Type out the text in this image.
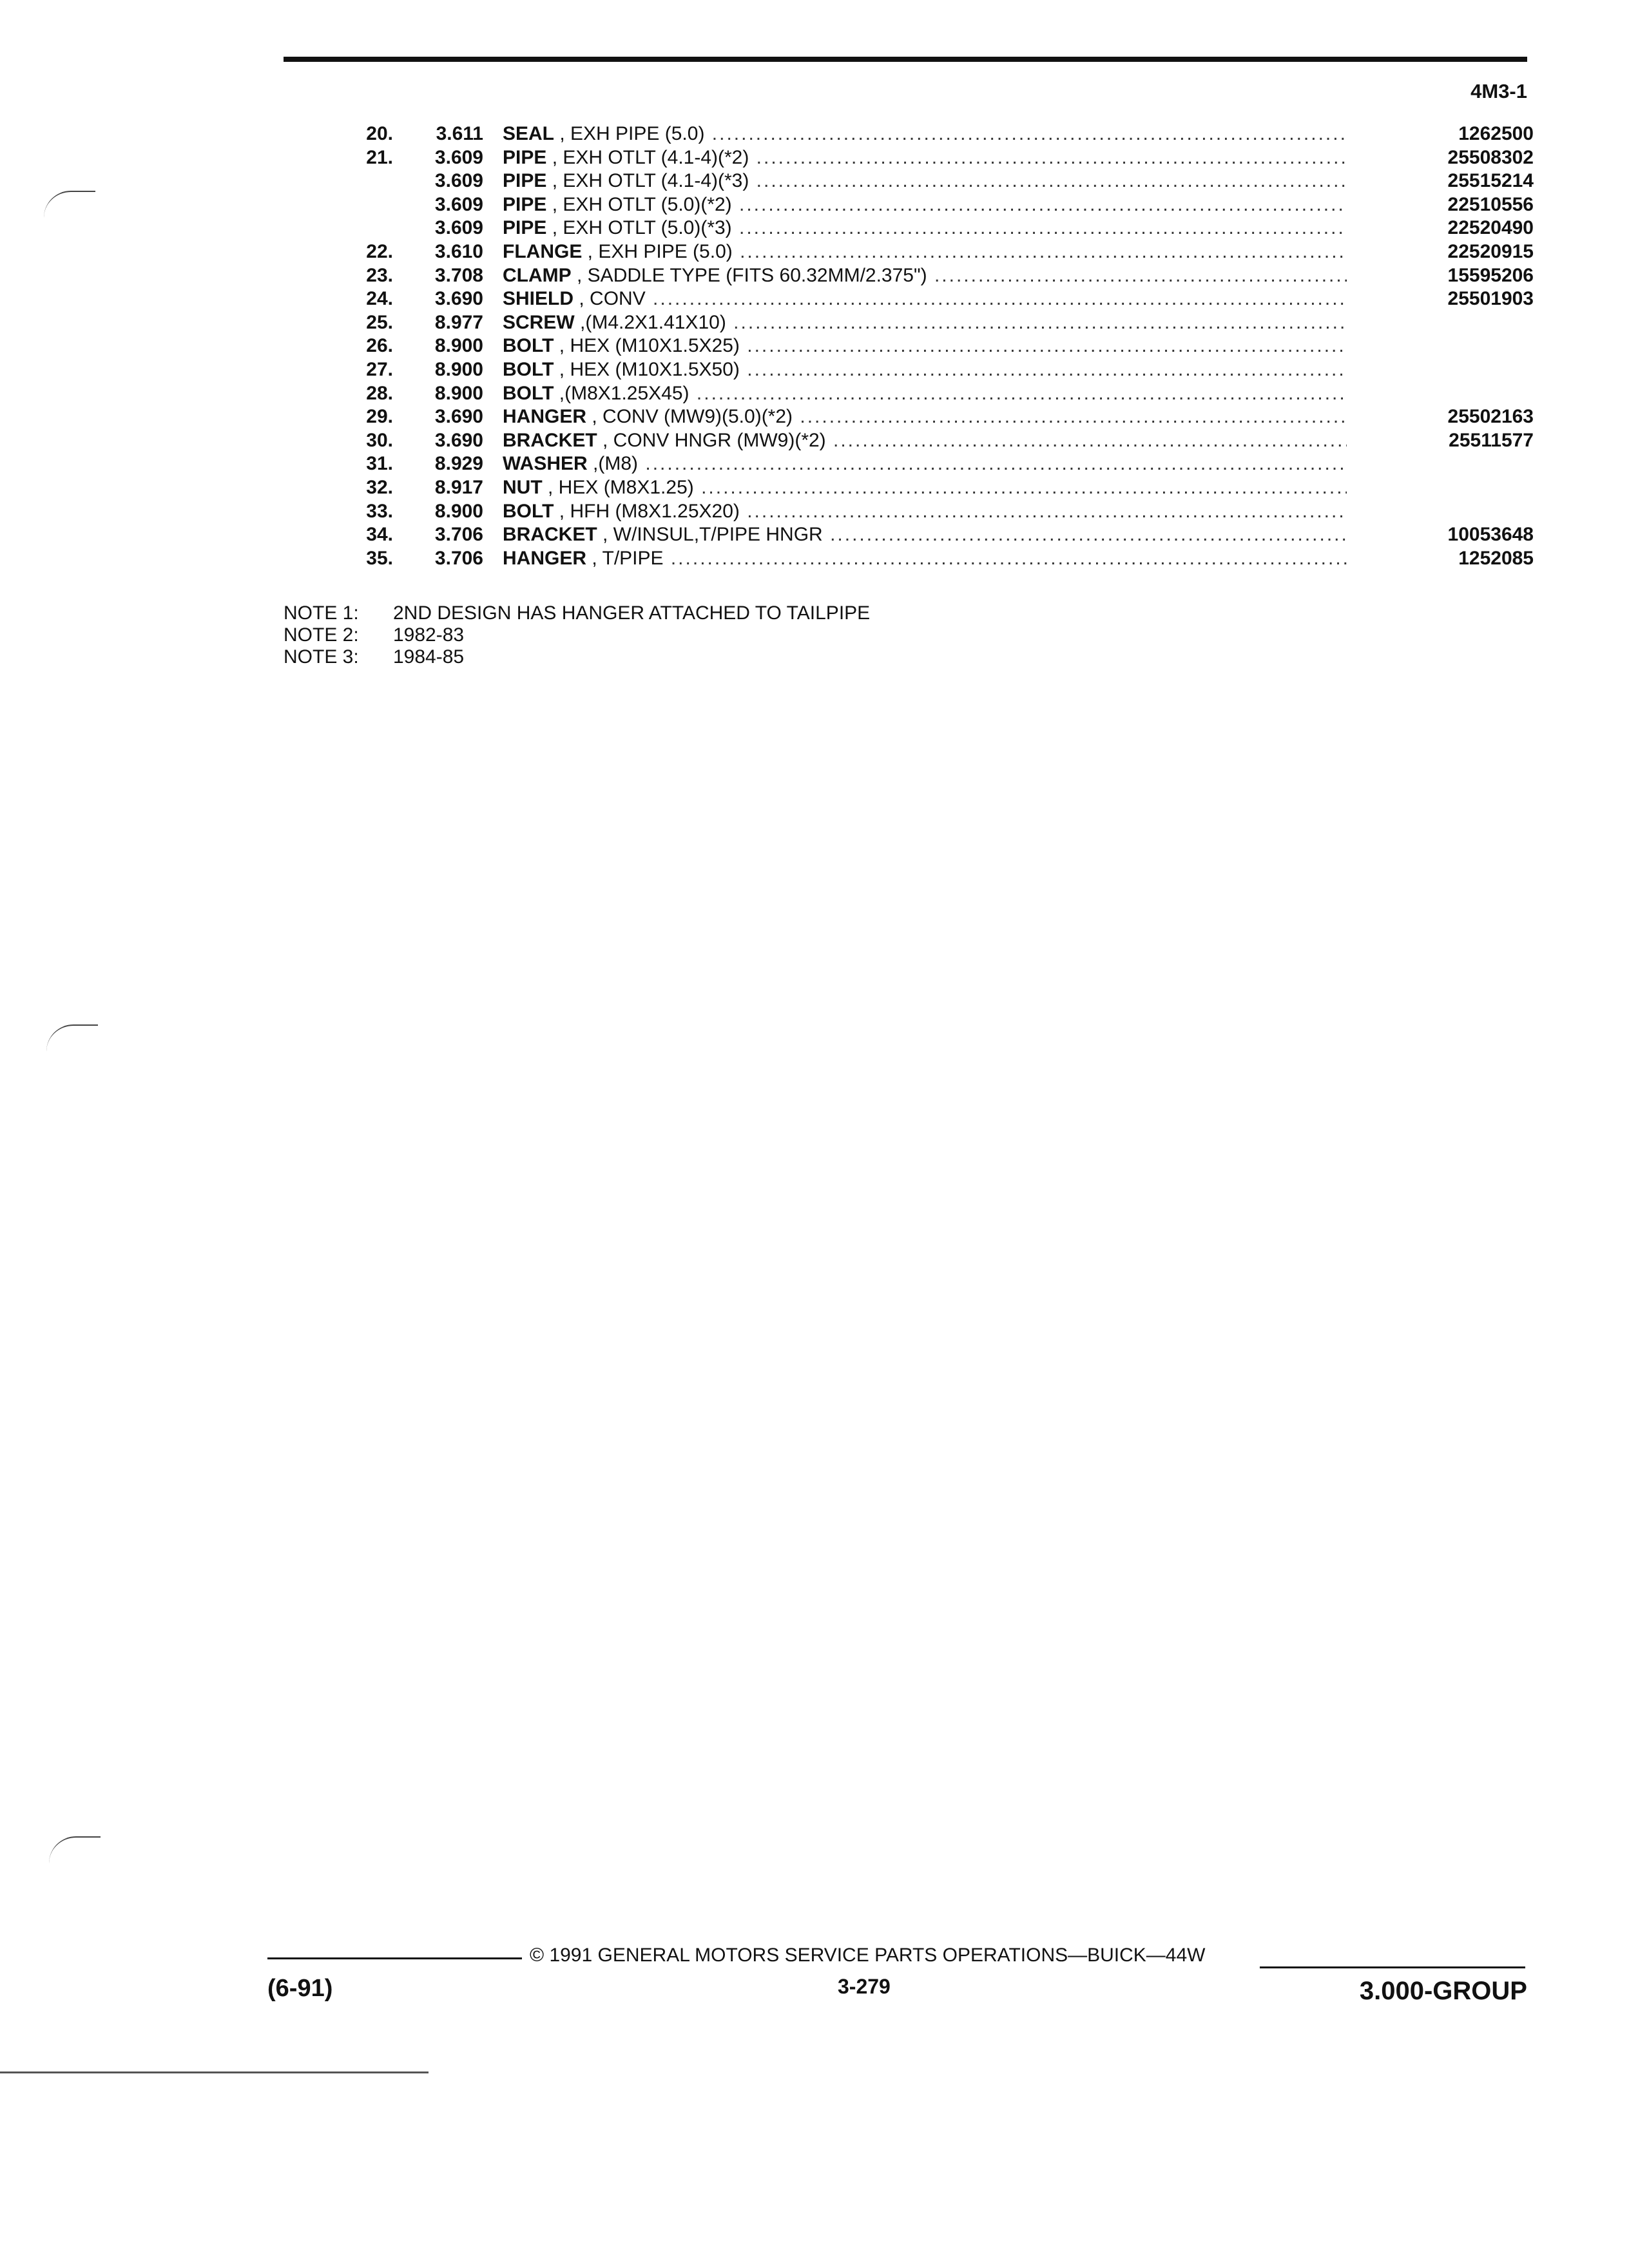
4M3-1
20.	3.611 SEAL , EXH PIPE (5.0) .....	1262500
21.	3.609 PIPE , EXH OTLT (4.1-4)(*2) .....	25508302
3.609 PIPE , EXH OTLT (4.1-4)(*3) .....	25515214
3.609 PIPE , EXH OTLT (5.0)(*2) .....	22510556
3.609 PIPE , EXH OTLT (5.0)(*3) .....	22520490
22.	3.610 FLANGE , EXH PIPE (5.0) .....	22520915
23.	3.708 CLAMP , SADDLE TYPE (FITS 60.32MM/2.375") .....	15595206
24.	3.690 SHIELD , CONV .....	25501903
25.	8.977 SCREW ,(M4.2X1.41X10) .....
26.	8.900 BOLT , HEX (M10X1.5X25) .....
27.	8.900 BOLT , HEX (M10X1.5X50) .....
28.	8.900 BOLT ,(M8X1.25X45) .....
29.	3.690 HANGER , CONV (MW9)(5.0)(*2) .....	25502163
30.	3.690 BRACKET , CONV HNGR (MW9)(*2) .....	25511577
31.	8.929 WASHER ,(M8) .....
32.	8.917 NUT , HEX (M8X1.25) .....
33.	8.900 BOLT , HFH (M8X1.25X20) .....
34.	3.706 BRACKET , W/INSUL,T/PIPE HNGR .....	10053648
35.	3.706 HANGER , T/PIPE .....	1252085
NOTE 1: 2ND DESIGN HAS HANGER ATTACHED TO TAILPIPE
NOTE 2: 1982-83
NOTE 3: 1984-85
© 1991 GENERAL MOTORS SERVICE PARTS OPERATIONS—BUICK—44W
(6-91)	3-279	3.000-GROUP
